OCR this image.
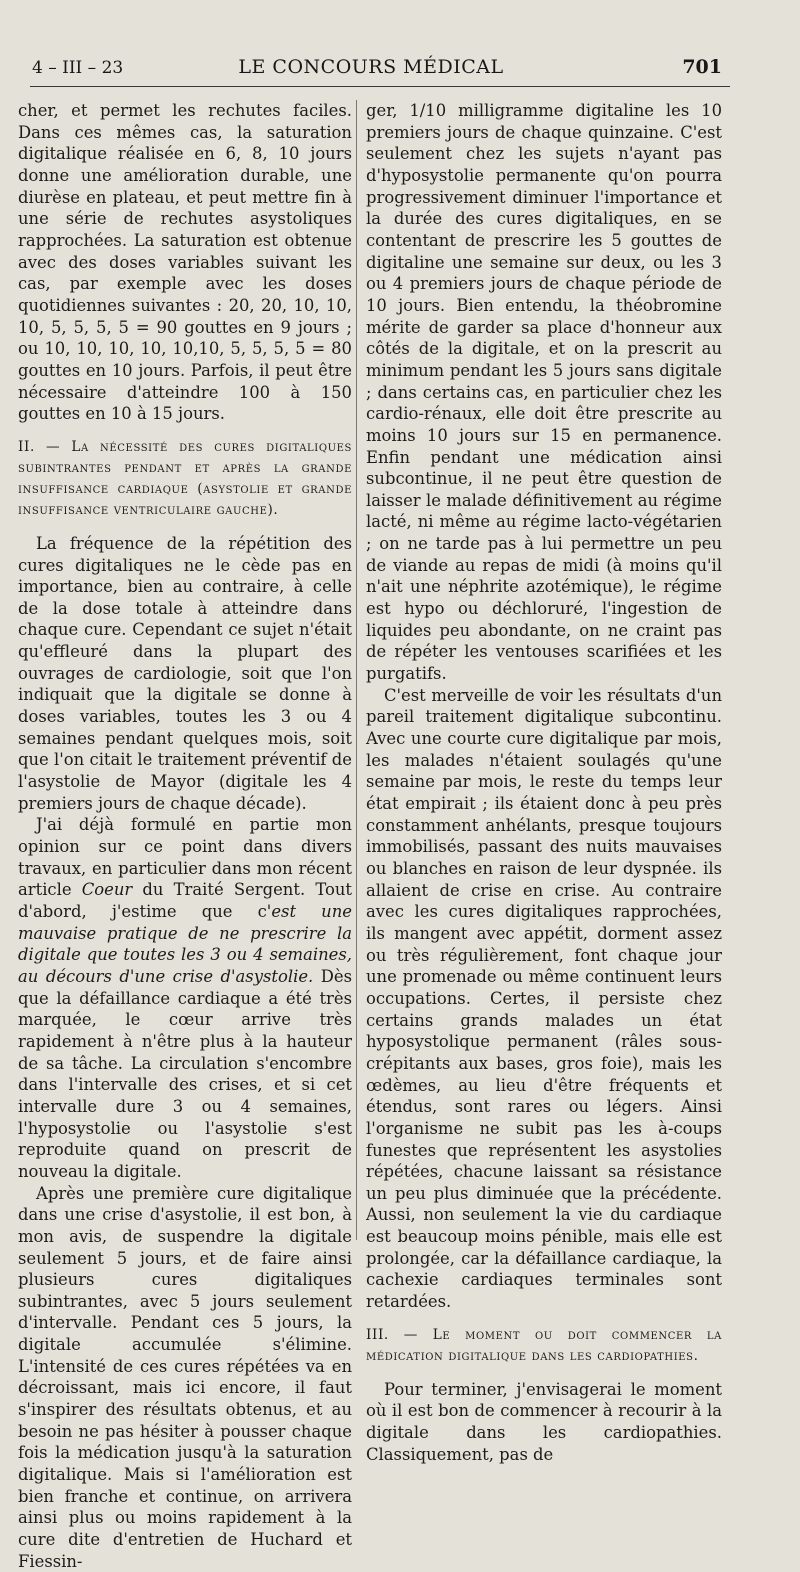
4 – III – 23	LE CONCOURS MÉDICAL	701

cher, et permet les rechutes faciles. Dans ces mêmes cas, la saturation digitalique réalisée en 6, 8, 10 jours donne une amélioration durable, une diurèse en plateau, et peut mettre fin à une série de rechutes asystoliques rapprochées. La saturation est obtenue avec des doses variables suivant les cas, par exemple avec les doses quotidiennes suivantes : 20, 20, 10, 10, 10, 5, 5, 5, 5 = 90 gouttes en 9 jours ; ou 10, 10, 10, 10, 10,10, 5, 5, 5, 5 = 80 gouttes en 10 jours. Parfois, il peut être nécessaire d'atteindre 100 à 150 gouttes en 10 à 15 jours.

II. — La nécessité des cures digitaliques subintrantes pendant et après la grande insuffisance cardiaque (asystolie et grande insuffisance ventriculaire gauche).

La fréquence de la répétition des cures digitaliques ne le cède pas en importance, bien au contraire, à celle de la dose totale à atteindre dans chaque cure. Cependant ce sujet n'était qu'effleuré dans la plupart des ouvrages de cardiologie, soit que l'on indiquait que la digitale se donne à doses variables, toutes les 3 ou 4 semaines pendant quelques mois, soit que l'on citait le traitement préventif de l'asystolie de Mayor (digitale les 4 premiers jours de chaque décade).

J'ai déjà formulé en partie mon opinion sur ce point dans divers travaux, en particulier dans mon récent article Coeur du Traité Sergent. Tout d'abord, j'estime que c'est une mauvaise pratique de ne prescrire la digitale que toutes les 3 ou 4 semaines, au décours d'une crise d'asystolie. Dès que la défaillance cardiaque a été très marquée, le cœur arrive très rapidement à n'être plus à la hauteur de sa tâche. La circulation s'encombre dans l'intervalle des crises, et si cet intervalle dure 3 ou 4 semaines, l'hyposystolie ou l'asystolie s'est reproduite quand on prescrit de nouveau la digitale.

Après une première cure digitalique dans une crise d'asystolie, il est bon, à mon avis, de suspendre la digitale seulement 5 jours, et de faire ainsi plusieurs cures digitaliques subintrantes, avec 5 jours seulement d'intervalle. Pendant ces 5 jours, la digitale accumulée s'élimine. L'intensité de ces cures répétées va en décroissant, mais ici encore, il faut s'inspirer des résultats obtenus, et au besoin ne pas hésiter à pousser chaque fois la médication jusqu'à la saturation digitalique. Mais si l'amélioration est bien franche et continue, on arrivera ainsi plus ou moins rapidement à la cure dite d'entretien de Huchard et Fiessin-

ger, 1/10 milligramme digitaline les 10 premiers jours de chaque quinzaine. C'est seulement chez les sujets n'ayant pas d'hyposystolie permanente qu'on pourra progressivement diminuer l'importance et la durée des cures digitaliques, en se contentant de prescrire les 5 gouttes de digitaline une semaine sur deux, ou les 3 ou 4 premiers jours de chaque période de 10 jours. Bien entendu, la théobromine mérite de garder sa place d'honneur aux côtés de la digitale, et on la prescrit au minimum pendant les 5 jours sans digitale ; dans certains cas, en particulier chez les cardio-rénaux, elle doit être prescrite au moins 10 jours sur 15 en permanence. Enfin pendant une médication ainsi subcontinue, il ne peut être question de laisser le malade définitivement au régime lacté, ni même au régime lacto-végétarien ; on ne tarde pas à lui permettre un peu de viande au repas de midi (à moins qu'il n'ait une néphrite azotémique), le régime est hypo ou déchloruré, l'ingestion de liquides peu abondante, on ne craint pas de répéter les ventouses scarifiées et les purgatifs.

C'est merveille de voir les résultats d'un pareil traitement digitalique subcontinu. Avec une courte cure digitalique par mois, les malades n'étaient soulagés qu'une semaine par mois, le reste du temps leur état empirait ; ils étaient donc à peu près constamment anhélants, presque toujours immobilisés, passant des nuits mauvaises ou blanches en raison de leur dyspnée. ils allaient de crise en crise. Au contraire avec les cures digitaliques rapprochées, ils mangent avec appétit, dorment assez ou très régulièrement, font chaque jour une promenade ou même continuent leurs occupations. Certes, il persiste chez certains grands malades un état hyposystolique permanent (râles sous-crépitants aux bases, gros foie), mais les œdèmes, au lieu d'être fréquents et étendus, sont rares ou légers. Ainsi l'organisme ne subit pas les à-coups funestes que représentent les asystolies répétées, chacune laissant sa résistance un peu plus diminuée que la précédente. Aussi, non seulement la vie du cardiaque est beaucoup moins pénible, mais elle est prolongée, car la défaillance cardiaque, la cachexie cardiaques terminales sont retardées.

III. — Le moment ou doit commencer la médication digitalique dans les cardiopathies.

Pour terminer, j'envisagerai le moment où il est bon de commencer à recourir à la digitale dans les cardiopathies. Classiquement, pas de
